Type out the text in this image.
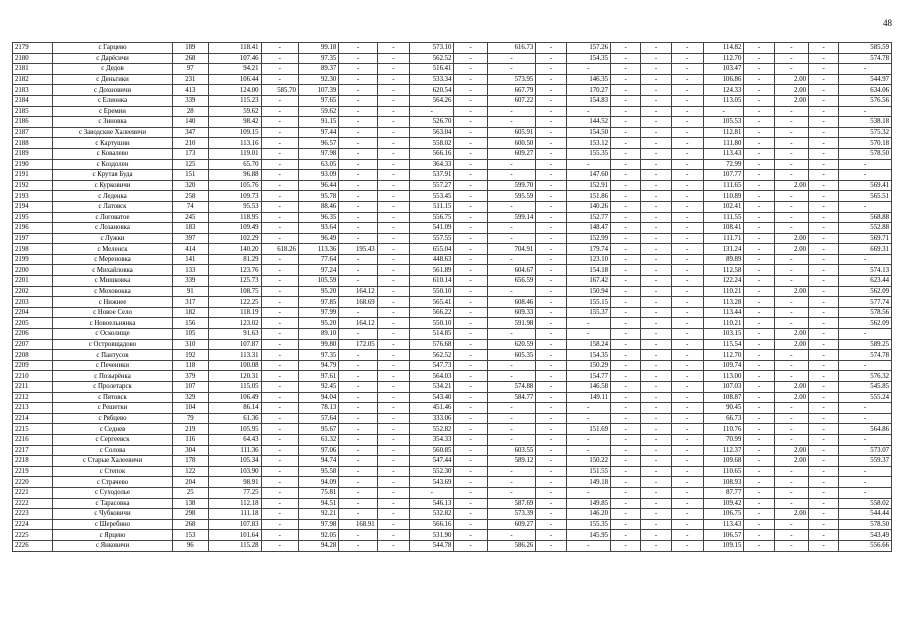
48
2179	с Гарцево	189	118.41	-	99.18	-	-	573.10	-	616.73	-	157.26	-	-	-	114.82	-	-	-	585.59
2180	с Дарёсичи	268	107.46	-	97.35	-	-	562.52	-	-	-	154.35	-	-	-	112.70	-	-	-	574.78
2181	с Дедов	97	94.21	-	89.37	-	-	516.41	-	-	-	-	-	-	-	103.47	-	-	-	-
2182	с Деньгики	231	106.44	-	92.30	-	-	533.34	-	573.95	-	146.35	-	-	-	106.86	-	2.00	-	544.97
2183	с Дохновичи	413	124.00	585.70	107.39	-	-	620.54	-	667.79	-	170.27	-	-	-	124.33	-	2.00	-	634.06
2184	с Елионка	339	115.23	-	97.65	-	-	564.26	-	607.22	-	154.83	-	-	-	113.05	-	2.00	-	576.56
2185	с Еремин	28	59.62	-	59.62	-	-	-	-	-	-	-	-	-	-	-	-	-	-	-
2186	с Зиновка	140	98.42	-	91.15	-	-	526.70	-	-	-	144.52	-	-	-	105.53	-	-	-	538.18
2187	с Заводские Халеевичи	347	109.15	-	97.44	-	-	563.04	-	605.91	-	154.50	-	-	-	112.81	-	-	-	575.32
2188	с Картушин	210	113.16	-	96.57	-	-	558.02	-	600.50	-	153.12	-	-	-	111.80	-	-	-	570.18
2189	с Ковалево	173	119.01	-	97.98	-	-	566.16	-	609.27	-	155.35	-	-	-	113.43	-	-	-	578.50
2190	с Коздолен	125	65.70	-	63.05	-	-	364.33	-	-	-	-	-	-	-	72.99	-	-	-	-
2191	с Крутая Буда	151	96.88	-	93.09	-	-	537.91	-	-	-	147.60	-	-	-	107.77	-	-	-	-
2192	с Курковичи	320	105.76	-	96.44	-	-	557.27	-	599.70	-	152.91	-	-	-	111.65	-	2.00	-	569.41
2193	с Леденка	258	109.73	-	95.78	-	-	553.45	-	595.59	-	151.86	-	-	-	110.89	-	-	-	565.51
2194	с Латовск	74	95.53	-	88.46	-	-	511.15	-	-	-	140.26	-	-	-	102.41	-	-	-	-
2195	с Логоватое	245	118.95	-	96.35	-	-	556.75	-	599.14	-	152.77	-	-	-	111.55	-	-	-	568.88
2196	с Лозановка	183	109.49	-	93.64	-	-	541.09	-	-	-	148.47	-	-	-	108.41	-	-	-	552.88
2197	с Лужки	397	102.29	-	96.49	-	-	557.55	-	-	-	152.99	-	-	-	111.71	-	2.00	-	569.71
2198	с Меленск	414	140.20	618.26	113.36	195.43	-	655.04	-	704.91	-	179.74	-	-	-	131.24	-	2.00	-	669.31
2199	с Мереновка	141	81.29	-	77.64	-	-	448.63	-	-	-	123.10	-	-	-	89.89	-	-	-	-
2200	с Михайловка	133	123.76	-	97.24	-	-	561.89	-	604.67	-	154.18	-	-	-	112.58	-	-	-	574.13
2201	с Мишковка	339	125.73	-	105.59	-	-	610.14	-	656.59	-	167.42	-	-	-	122.24	-	-	-	623.44
2202	с Моховокка	91	108.75	-	95.20	164.12	-	550.10	-	-	-	150.94	-	-	-	110.21	-	2.00	-	562.09
2203	с Нижнее	317	122.25	-	97.85	168.69	-	565.41	-	608.46	-	155.15	-	-	-	113.28	-	-	-	577.74
2204	с Новое Село	182	118.19	-	97.99	-	-	566.22	-	609.33	-	155.37	-	-	-	113.44	-	-	-	578.56
2205	с Новоельнянка	156	123.02	-	95.20	164.12	-	550.10	-	591.98	-	-	-	-	-	110.21	-	-	-	562.09
2206	с Осколище	105	91.63	-	89.10	-	-	514.85	-	-	-	-	-	-	-	103.15	-	2.00	-	-
2207	с Островщадово	310	107.87	-	99.80	172.05	-	576.68	-	620.59	-	158.24	-	-	-	115.54	-	2.00	-	589.25
2208	с Пантусов	192	113.31	-	97.35	-	-	562.52	-	605.35	-	154.35	-	-	-	112.70	-	-	-	574.78
2209	с Печеники	118	100.08	-	94.79	-	-	547.73	-	-	-	150.29	-	-	-	109.74	-	-	-	-
2210	с Позырёнка	379	120.31	-	97.61	-	-	564.03	-	-	-	154.77	-	-	-	113.00	-	-	-	576.32
2211	с Пролетарск	107	115.05	-	92.45	-	-	534.21	-	574.88	-	146.58	-	-	-	107.03	-	2.00	-	545.85
2212	с Пятовск	329	106.49	-	94.04	-	-	543.40	-	584.77	-	149.11	-	-	-	108.87	-	2.00	-	555.24
2213	с Решетки	104	86.14	-	78.13	-	-	451.46	-	-	-	-	-	-	-	90.45	-	-	-	-
2214	с Рябцево	79	61.36	-	57.64	-	-	333.06	-	-	-	-	-	-	-	66.73	-	-	-	-
2215	с Седнев	219	105.95	-	95.67	-	-	552.82	-	-	-	151.69	-	-	-	110.76	-	-	-	564.86
2216	с Сергеевск	116	64.43	-	61.32	-	-	354.33	-	-	-	-	-	-	-	70.99	-	-	-	-
2217	с Солова	304	111.36	-	97.06	-	-	560.85	-	603.55	-	-	-	-	-	112.37	-	2.00	-	573.07
2218	с Старые Халеевичи	178	105.34	-	94.74	-	-	547.44	-	589.12	-	150.22	-	-	-	109.68	-	2.00	-	559.37
2219	с Степок	122	103.90	-	95.58	-	-	552.30	-	-	-	151.55	-	-	-	110.65	-	-	-	-
2220	с Страчево	204	98.91	-	94.09	-	-	543.69	-	-	-	149.18	-	-	-	108.93	-	-	-	-
2221	с Суходолье	25	77.25	-	75.81	-	-	-	-	-	-	-	-	-	-	87.77	-	-	-	-
2222	с Тарасовка	138	112.18	-	94.51	-	-	546.13	-	587.69	-	149.85	-	-	-	109.42	-	-	-	558.02
2223	с Чубковичи	298	111.18	-	92.21	-	-	532.82	-	573.39	-	146.20	-	-	-	106.75	-	2.00	-	544.44
2224	с Шеребино	268	107.83	-	97.98	168.91	-	566.16	-	609.27	-	155.35	-	-	-	113.43	-	-	-	578.50
2225	с Ярцево	153	101.64	-	92.05	-	-	531.90	-	-	-	145.95	-	-	-	106.57	-	-	-	543.49
2226	с Янковичи	96	115.28	-	94.28	-	-	544.78	-	586.26	-	-	-	-	-	109.15	-	-	-	556.66
